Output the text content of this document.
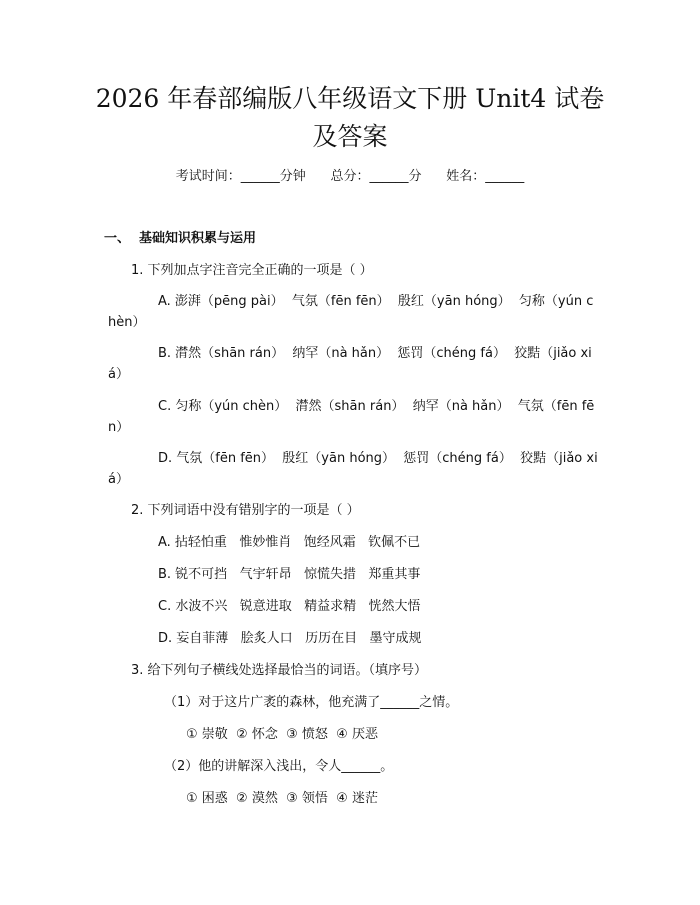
2026 年春部编版八年级语文下册 Unit4 试卷
及答案
考试时间：______分钟      总分：______分      姓名：______
一、  基础知识积累与运用
1. 下列加点字注音完全正确的一项是（ ）
A. 澎湃（pēng pài）  气氛（fēn fēn）  殷红（yān hóng）  匀称（yún chèn）
B. 潸然（shān rán）  纳罕（nà hǎn）  惩罚（chéng fá）  狡黠（jiǎo xiá）
C. 匀称（yún chèn）  潸然（shān rán）  纳罕（nà hǎn）  气氛（fēn fēn）
D. 气氛（fēn fēn）  殷红（yān hóng）  惩罚（chéng fá）  狡黠（jiǎo xiá）
2. 下列词语中没有错别字的一项是（ ）
A. 拈轻怕重   惟妙惟肖   饱经风霜   钦佩不已
B. 锐不可挡   气宇轩昂   惊慌失措   郑重其事
C. 水波不兴   锐意进取   精益求精   恍然大悟
D. 妄自菲薄   脍炙人口   历历在目   墨守成规
3. 给下列句子横线处选择最恰当的词语。（填序号）
（1）对于这片广袤的森林，他充满了______之情。
① 崇敬  ② 怀念  ③ 愤怒  ④ 厌恶
（2）他的讲解深入浅出，令人______。
① 困惑  ② 漠然  ③ 领悟  ④ 迷茫
